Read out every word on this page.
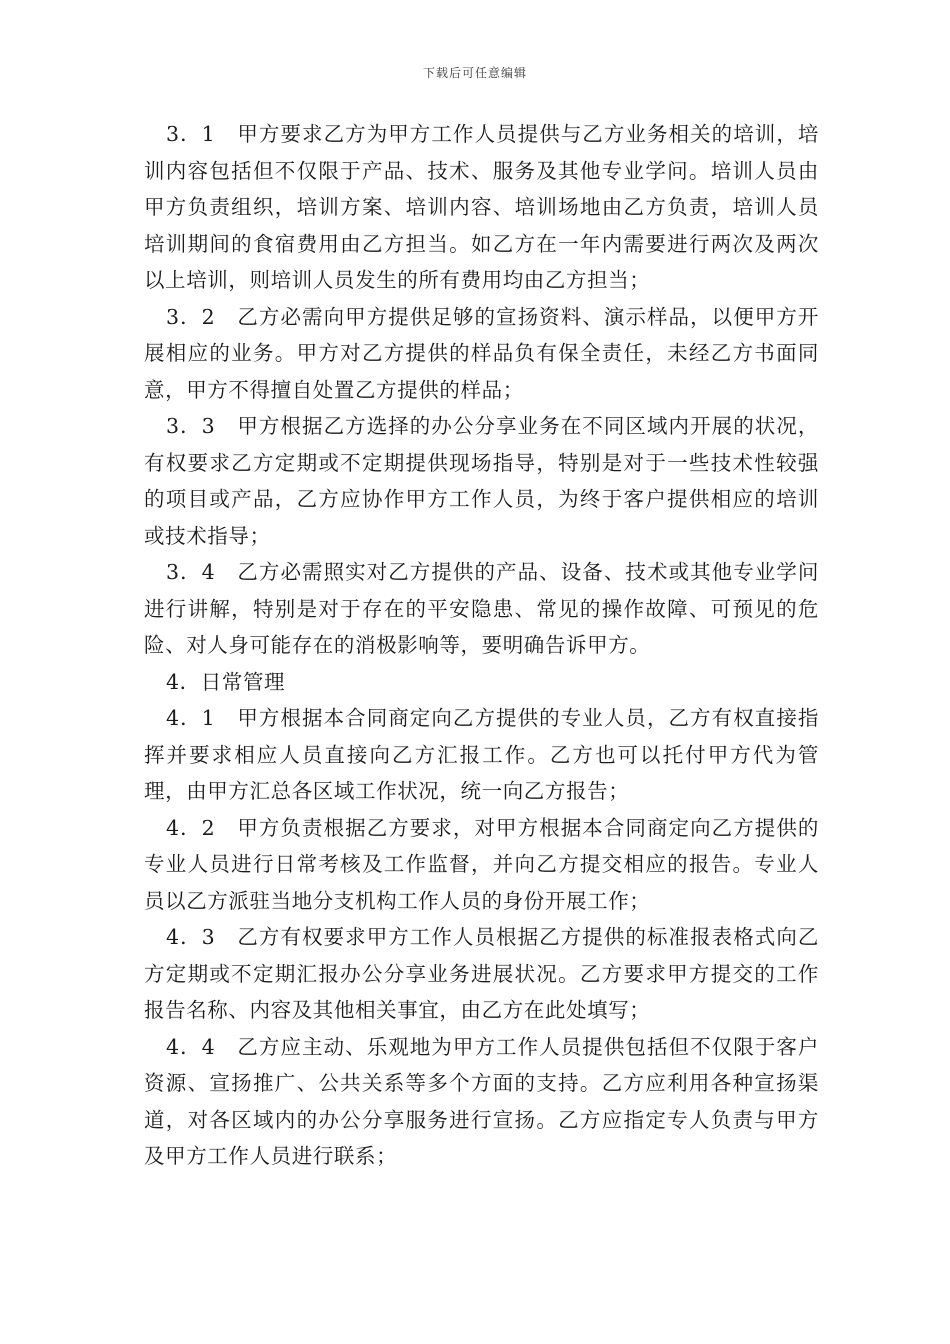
下载后可任意编辑

3．1　甲方要求乙方为甲方工作人员提供与乙方业务相关的培训，培训内容包括但不仅限于产品、技术、服务及其他专业学问。培训人员由甲方负责组织，培训方案、培训内容、培训场地由乙方负责，培训人员培训期间的食宿费用由乙方担当。如乙方在一年内需要进行两次及两次以上培训，则培训人员发生的所有费用均由乙方担当；

3．2　乙方必需向甲方提供足够的宣扬资料、演示样品，以便甲方开展相应的业务。甲方对乙方提供的样品负有保全责任，未经乙方书面同意，甲方不得擅自处置乙方提供的样品；

3．3　甲方根据乙方选择的办公分享业务在不同区域内开展的状况，有权要求乙方定期或不定期提供现场指导，特别是对于一些技术性较强的项目或产品，乙方应协作甲方工作人员，为终于客户提供相应的培训或技术指导；

3．4　乙方必需照实对乙方提供的产品、设备、技术或其他专业学问进行讲解，特别是对于存在的平安隐患、常见的操作故障、可预见的危险、对人身可能存在的消极影响等，要明确告诉甲方。

4．日常管理

4．1　甲方根据本合同商定向乙方提供的专业人员，乙方有权直接指挥并要求相应人员直接向乙方汇报工作。乙方也可以托付甲方代为管理，由甲方汇总各区域工作状况，统一向乙方报告；

4．2　甲方负责根据乙方要求，对甲方根据本合同商定向乙方提供的专业人员进行日常考核及工作监督，并向乙方提交相应的报告。专业人员以乙方派驻当地分支机构工作人员的身份开展工作；

4．3　乙方有权要求甲方工作人员根据乙方提供的标准报表格式向乙方定期或不定期汇报办公分享业务进展状况。乙方要求甲方提交的工作报告名称、内容及其他相关事宜，由乙方在此处填写；

4．4　乙方应主动、乐观地为甲方工作人员提供包括但不仅限于客户资源、宣扬推广、公共关系等多个方面的支持。乙方应利用各种宣扬渠道，对各区域内的办公分享服务进行宣扬。乙方应指定专人负责与甲方及甲方工作人员进行联系；
